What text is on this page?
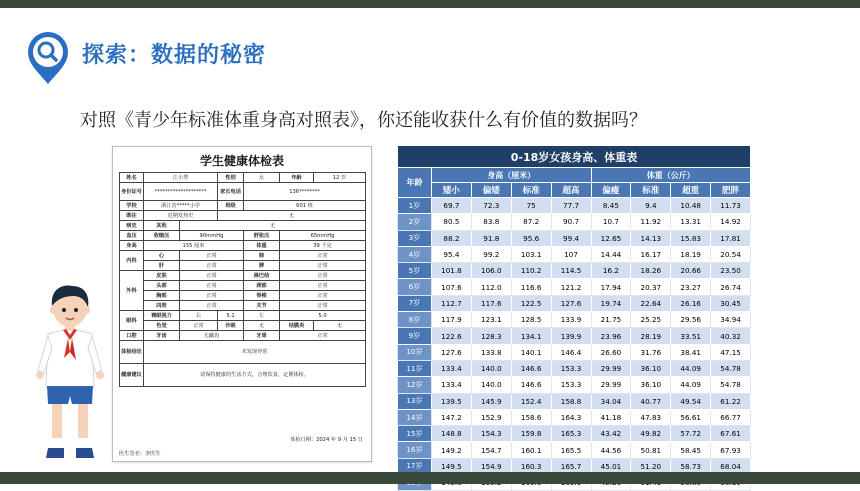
探索：数据的秘密
对照《青少年标准体重身高对照表》，你还能收获什么有价值的数据吗？
学生健康体检表
姓名	江小慧		性别	女	年龄	12 岁
身份证号	********************		家长电话	136********		
学校	浙江省*****小学		班级	601 班		
既往	近期发热史		无			
病史	其他	无				
血压	收缩压	90mmHg		舒张压	65mmHg	
身高	155 厘米			体重	39 千克	
内科	心	正常		肺	正常	
	肝	正常		脾	正常	
外科	皮肤	正常		淋巴结	正常	
	头部	正常		颈部	正常	
	胸部	正常		脊椎	正常	
	四肢	正常		关节	正常	
眼科	裸眼视力	右	5.1	左	5.0	
	色觉	正常	沙眼	无	结膜炎	无
口腔	牙齿	无龋齿		牙周	正常	
体检结论	未发现异常					
健康建议	请保持健康的生活方式，合理饮食，定期体检。					
体检日期：2024 年 9 月 15 日
医生签名：李医生
0-18岁女孩身高、体重表								
年龄	身高（厘米）				体重（公斤）			
	矮小	偏矮	标准	超高	偏瘦	标准	超重	肥胖
1岁	69.7	72.3	75	77.7	8.45	9.4	10.48	11.73
2岁	80.5	83.8	87.2	90.7	10.7	11.92	13.31	14.92
3岁	88.2	91.8	95.6	99.4	12.65	14.13	15.83	17.81
4岁	95.4	99.2	103.1	107	14.44	16.17	18.19	20.54
5岁	101.8	106.0	110.2	114.5	16.2	18.26	20.66	23.50
6岁	107.6	112.0	116.6	121.2	17.94	20.37	23.27	26.74
7岁	112.7	117.6	122.5	127.6	19.74	22.64	26.16	30.45
8岁	117.9	123.1	128.5	133.9	21.75	25.25	29.56	34.94
9岁	122.6	128.3	134.1	139.9	23.96	28.19	33.51	40.32
10岁	127.6	133.8	140.1	146.4	26.60	31.76	38.41	47.15
11岁	133.4	140.0	146.6	153.3	29.99	36.10	44.09	54.78
12岁	133.4	140.0	146.6	153.3	29.99	36.10	44.09	54.78
13岁	139.5	145.9	152.4	158.8	34.04	40.77	49.54	61.22
14岁	147.2	152.9	158.6	164.3	41.18	47.83	56.61	66.77
15岁	148.8	154.3	159.8	165.3	43.42	49.82	57.72	67.61
16岁	149.2	154.7	160.1	165.5	44.56	50.81	58.45	67.93
17岁	149.5	154.9	160.3	165.7	45.01	51.20	58.73	68.04
